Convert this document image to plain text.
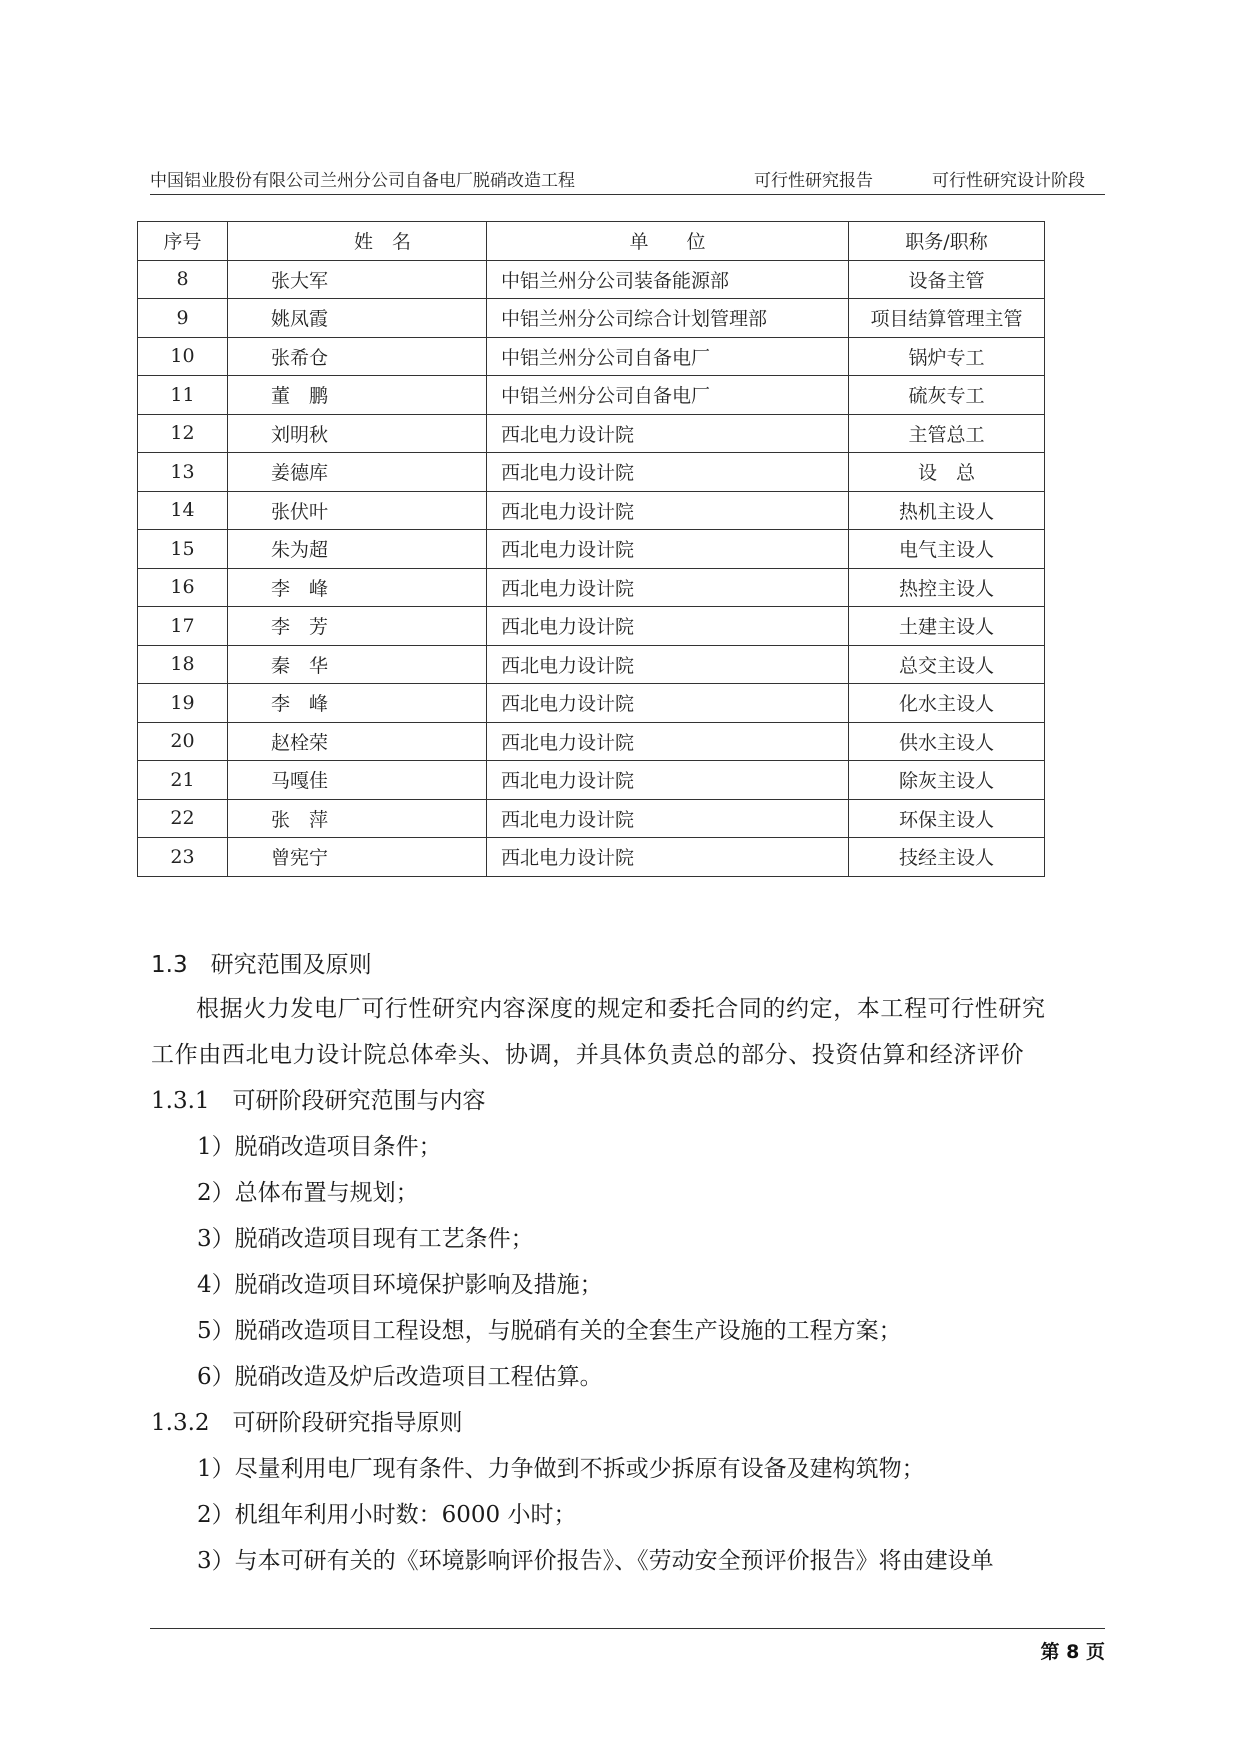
中国铝业股份有限公司兰州分公司自备电厂脱硝改造工程	可行性研究报告	可行性研究设计阶段
序号	姓　名	单　　位	职务/职称
8	张大军	中铝兰州分公司装备能源部	设备主管
9	姚凤霞	中铝兰州分公司综合计划管理部	项目结算管理主管
10	张希仓	中铝兰州分公司自备电厂	锅炉专工
11	董　鹏	中铝兰州分公司自备电厂	硫灰专工
12	刘明秋	西北电力设计院	主管总工
13	姜德库	西北电力设计院	设　总
14	张伏叶	西北电力设计院	热机主设人
15	朱为超	西北电力设计院	电气主设人
16	李　峰	西北电力设计院	热控主设人
17	李　芳	西北电力设计院	土建主设人
18	秦　华	西北电力设计院	总交主设人
19	李　峰	西北电力设计院	化水主设人
20	赵栓荣	西北电力设计院	供水主设人
21	马嘎佳	西北电力设计院	除灰主设人
22	张　萍	西北电力设计院	环保主设人
23	曾宪宁	西北电力设计院	技经主设人
1.3　研究范围及原则
根据火力发电厂可行性研究内容深度的规定和委托合同的约定，本工程可行性研究
工作由西北电力设计院总体牵头、协调，并具体负责总的部分、投资估算和经济评价
1.3.1　可研阶段研究范围与内容
1）脱硝改造项目条件；
2）总体布置与规划；
3）脱硝改造项目现有工艺条件；
4）脱硝改造项目环境保护影响及措施；
5）脱硝改造项目工程设想，与脱硝有关的全套生产设施的工程方案；
6）脱硝改造及炉后改造项目工程估算。
1.3.2　可研阶段研究指导原则
1）尽量利用电厂现有条件、力争做到不拆或少拆原有设备及建构筑物；
2）机组年利用小时数：6000 小时；
3）与本可研有关的《环境影响评价报告》、《劳动安全预评价报告》将由建设单
第 8 页
